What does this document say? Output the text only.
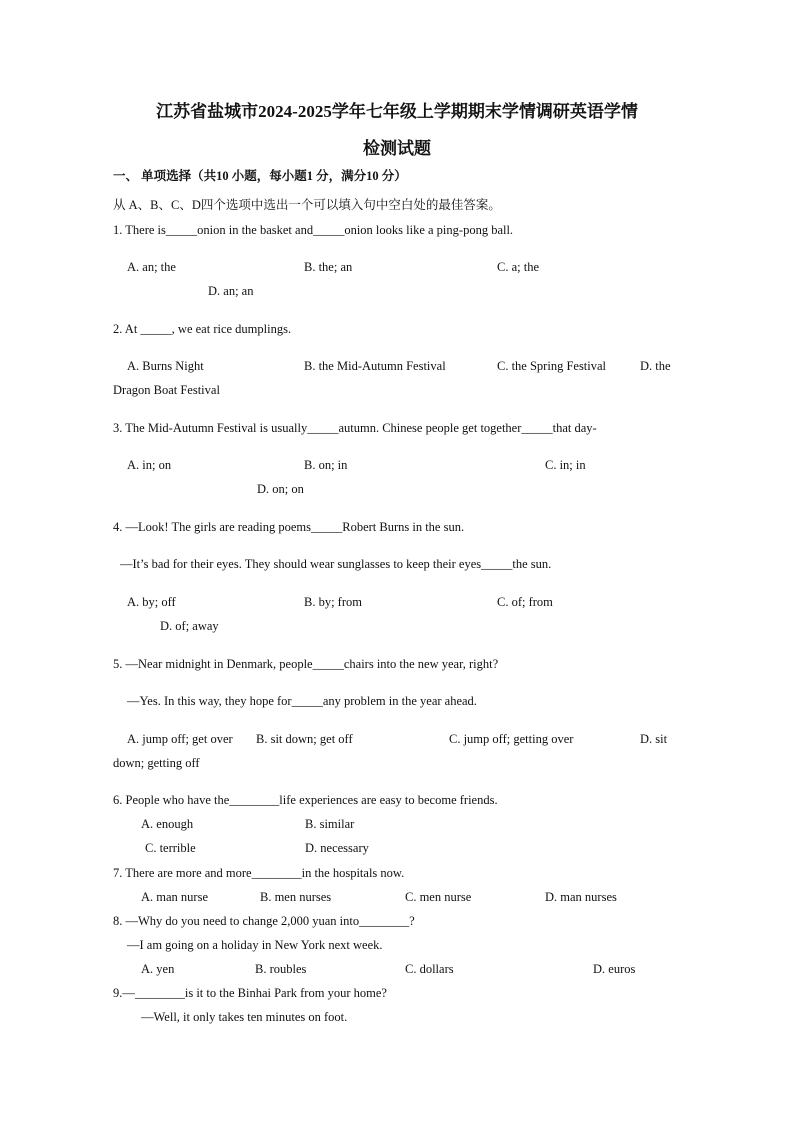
江苏省盐城市2024-2025学年七年级上学期期末学情调研英语学情
检测试题
一、 单项选择（共10 小题，每小题1 分，满分10 分）
从 A、B、C、D四个选项中选出一个可以填入句中空白处的最佳答案。
1. There is_____onion in the basket and_____onion looks like a ping-pong ball.
A. an; the	B. the; an	C. a; the
D. an; an
2. At _____, we eat rice dumplings.
A. Burns Night	B. the Mid-Autumn Festival	C. the Spring Festival	D. the
Dragon Boat Festival
3. The Mid-Autumn Festival is usually_____autumn. Chinese people get together_____that day-
A. in; on	B. on; in	C. in; in
D. on; on
4. —Look! The girls are reading poems_____Robert Burns in the sun.
—It’s bad for their eyes. They should wear sunglasses to keep their eyes_____the sun.
A. by; off	B. by; from	C. of; from
D. of; away
5. —Near midnight in Denmark, people_____chairs into the new year, right?
—Yes. In this way, they hope for_____any problem in the year ahead.
A. jump off; get over B. sit down; get off	C. jump off; getting over	D. sit
down; getting off
6. People who have the________life experiences are easy to become friends.
A. enough	B. similar
C. terrible	D. necessary
7. There are more and more________in the hospitals now.
A. man nurse	B. men nurses	C. men nurse	D. man nurses
8. —Why do you need to change 2,000 yuan into________?
—I am going on a holiday in New York next week.
A. yen	B. roubles	C. dollars	D. euros
9.—________is it to the Binhai Park from your home?
—Well, it only takes ten minutes on foot.
